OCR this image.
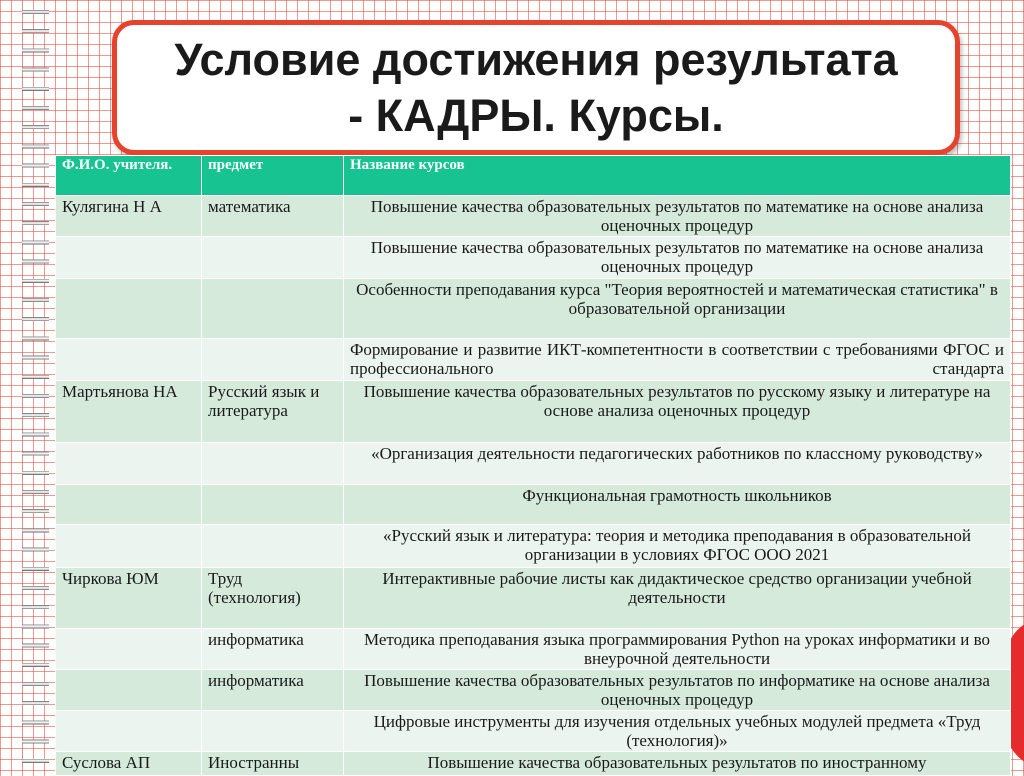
Условие достижения результата
- КАДРЫ. Курсы.
Ф.И.О. учителя.	предмет	Название курсов
Кулягина Н А	математика	Повышение качества образовательных результатов по математике на основе анализа оценочных процедур
		Повышение качества образовательных результатов по математике на основе анализа оценочных процедур
		Особенности преподавания курса "Теория вероятностей и математическая статистика" в образовательной организации
		Формирование и развитие ИКТ-компетентности в соответствии с требованиями ФГОС и профессионального стандарта
Мартьянова НА	Русский язык и литература	Повышение качества образовательных результатов по русскому языку и литературе на основе анализа оценочных процедур
		«Организация деятельности педагогических работников по классному руководству»
		Функциональная грамотность школьников
		«Русский язык и литература: теория и методика преподавания в образовательной организации в условиях ФГОС ООО 2021
Чиркова ЮМ	Труд (технология)	Интерактивные рабочие листы как дидактическое средство организации учебной деятельности
	информатика	Методика преподавания языка программирования Python на уроках информатики и во внеурочной деятельности
	информатика	Повышение качества образовательных результатов по информатике на основе анализа оценочных процедур
		Цифровые инструменты для изучения отдельных учебных модулей предмета «Труд (технология)»
Суслова АП	Иностранны	Повышение качества образовательных результатов по иностранному
